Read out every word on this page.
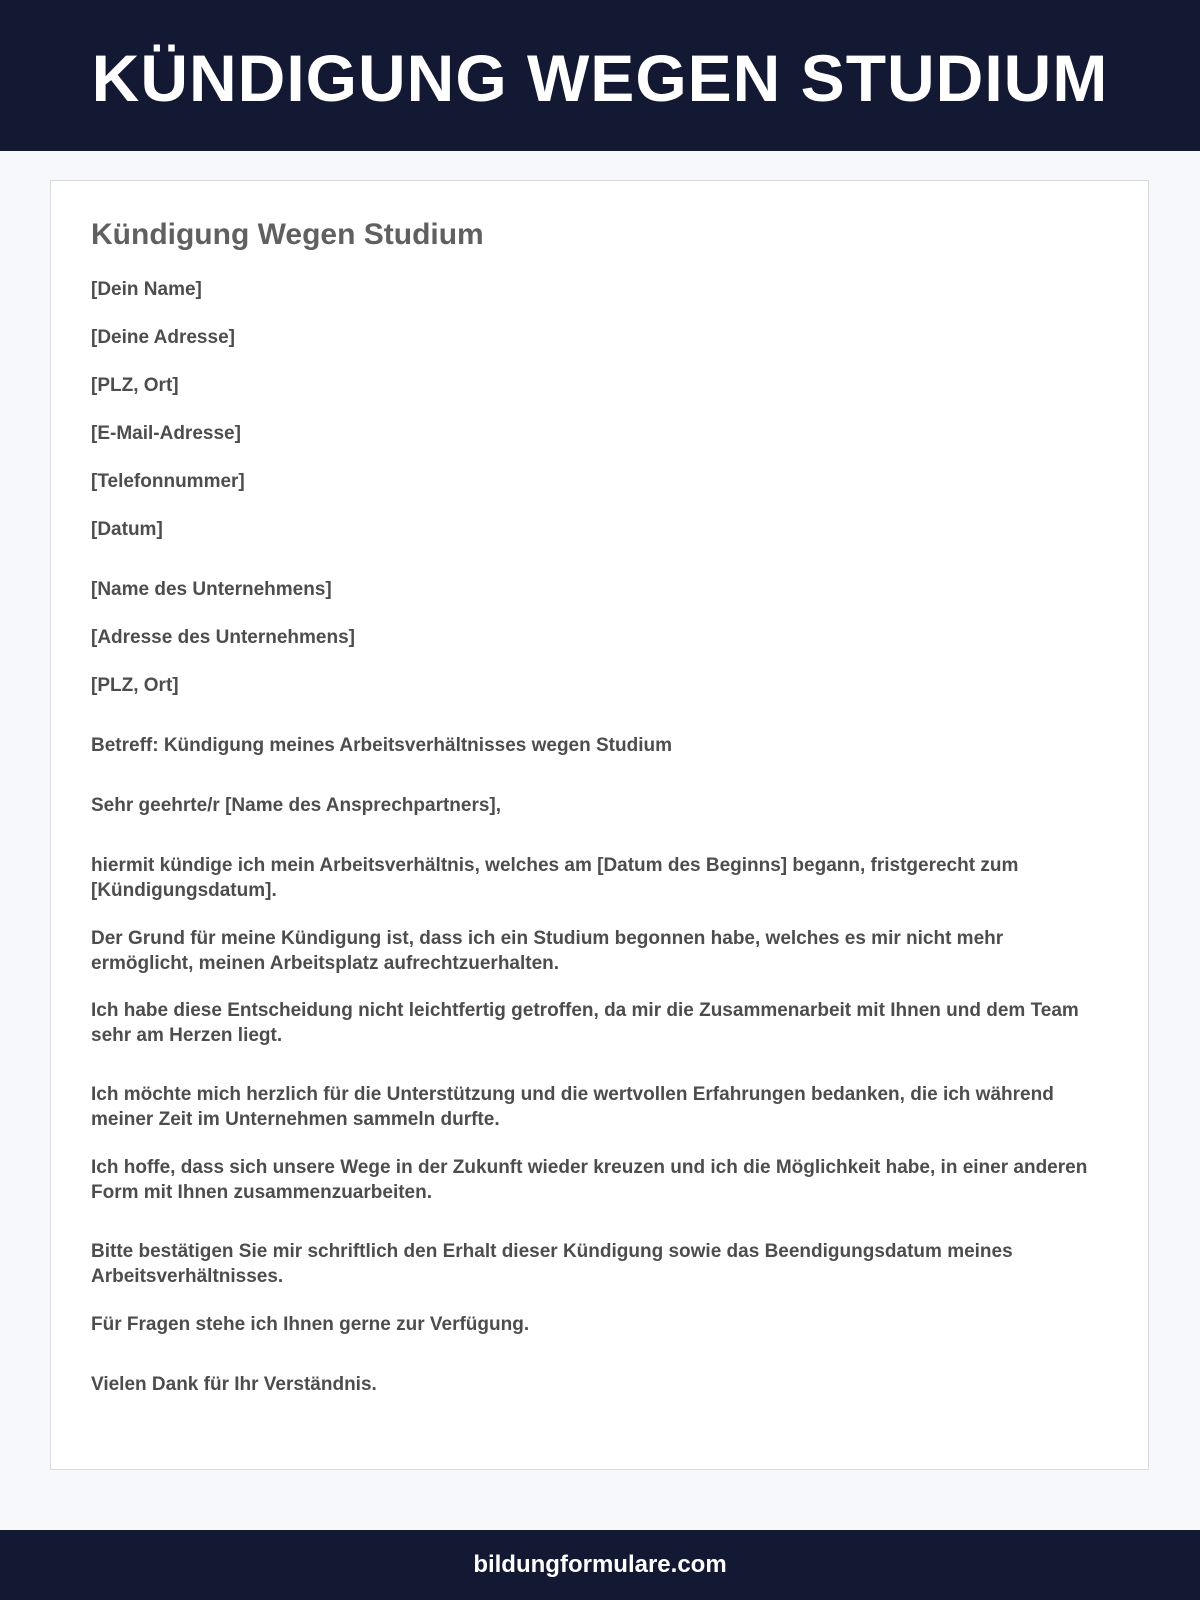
KÜNDIGUNG WEGEN STUDIUM
Kündigung Wegen Studium

[Dein Name]

[Deine Adresse]

[PLZ, Ort]

[E-Mail-Adresse]

[Telefonnummer]

[Datum]

[Name des Unternehmens]

[Adresse des Unternehmens]

[PLZ, Ort]

Betreff: Kündigung meines Arbeitsverhältnisses wegen Studium

Sehr geehrte/r [Name des Ansprechpartners],

hiermit kündige ich mein Arbeitsverhältnis, welches am [Datum des Beginns] begann, fristgerecht zum [Kündigungsdatum].

Der Grund für meine Kündigung ist, dass ich ein Studium begonnen habe, welches es mir nicht mehr ermöglicht, meinen Arbeitsplatz aufrechtzuerhalten.

Ich habe diese Entscheidung nicht leichtfertig getroffen, da mir die Zusammenarbeit mit Ihnen und dem Team sehr am Herzen liegt.

Ich möchte mich herzlich für die Unterstützung und die wertvollen Erfahrungen bedanken, die ich während meiner Zeit im Unternehmen sammeln durfte.

Ich hoffe, dass sich unsere Wege in der Zukunft wieder kreuzen und ich die Möglichkeit habe, in einer anderen Form mit Ihnen zusammenzuarbeiten.

Bitte bestätigen Sie mir schriftlich den Erhalt dieser Kündigung sowie das Beendigungsdatum meines Arbeitsverhältnisses.

Für Fragen stehe ich Ihnen gerne zur Verfügung.

Vielen Dank für Ihr Verständnis.

bildungformulare.com
